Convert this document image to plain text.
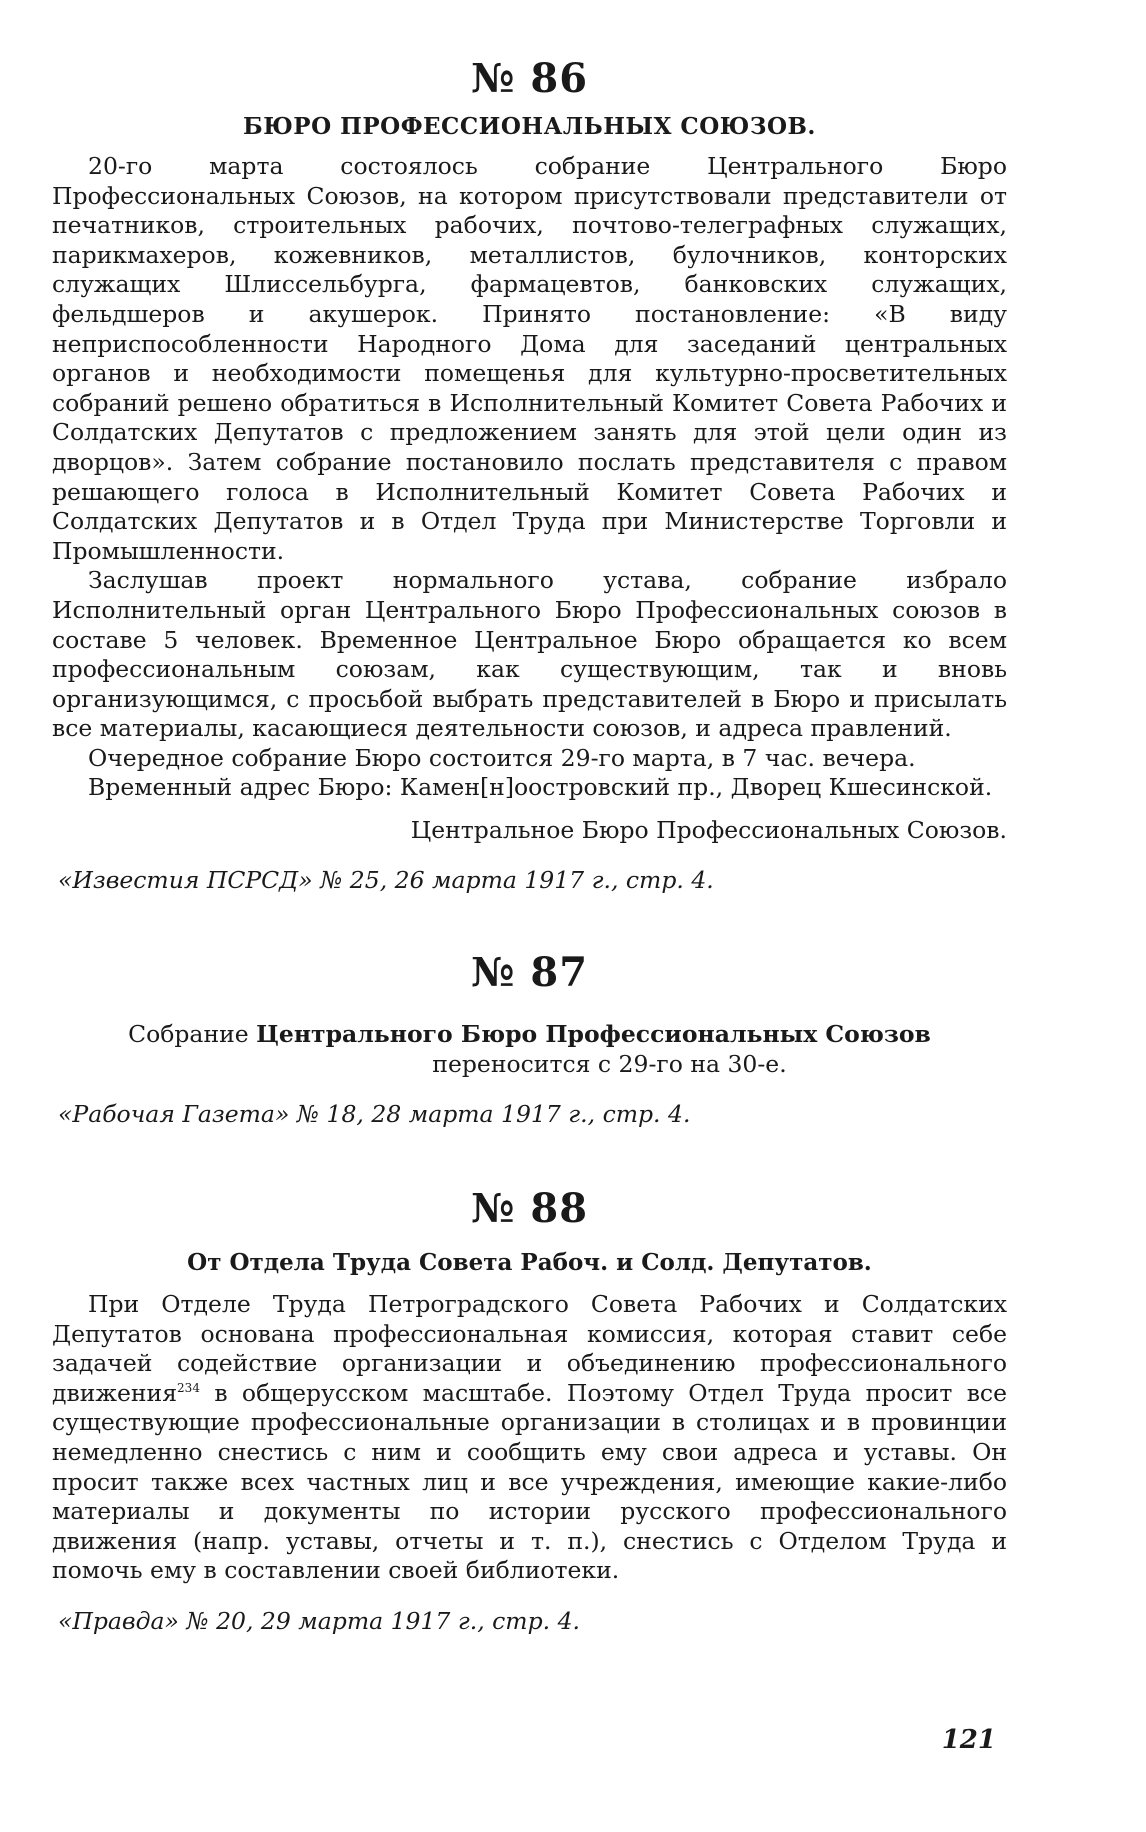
№ 86
БЮРО ПРОФЕССИОНАЛЬНЫХ СОЮЗОВ.

20-го марта состоялось собрание Центрального Бюро Профессиональных Союзов, на котором присутствовали представители от печатников, строительных рабочих, почтово-телеграфных служащих, парикмахеров, кожевников, металлистов, булочников, конторских служащих Шлиссельбурга, фармацевтов, банковских служащих, фельдшеров и акушерок. Принято постановление: «В виду неприспособленности Народного Дома для заседаний центральных органов и необходимости помещенья для культурно-просветительных собраний решено обратиться в Исполнительный Комитет Совета Рабочих и Солдатских Депутатов с предложением занять для этой цели один из дворцов». Затем собрание постановило послать представителя с правом решающего голоса в Исполнительный Комитет Совета Рабочих и Солдатских Депутатов и в Отдел Труда при Министерстве Торговли и Промышленности.

Заслушав проект нормального устава, собрание избрало Исполнительный орган Центрального Бюро Профессиональных союзов в составе 5 человек. Временное Центральное Бюро обращается ко всем профессиональным союзам, как существующим, так и вновь организующимся, с просьбой выбрать представителей в Бюро и присылать все материалы, касающиеся деятельности союзов, и адреса правлений.

Очередное собрание Бюро состоится 29-го марта, в 7 час. вечера.

Временный адрес Бюро: Камен[н]оостровский пр., Дворец Кшесинской.

Центральное Бюро Профессиональных Союзов.

«Известия ПСРСД» № 25, 26 марта 1917 г., стр. 4.

№ 87

Собрание Центрального Бюро Профессиональных Союзов

переносится с 29-го на 30-е.

«Рабочая Газета» № 18, 28 марта 1917 г., стр. 4.

№ 88
От Отдела Труда Совета Рабоч. и Солд. Депутатов.

При Отделе Труда Петроградского Совета Рабочих и Солдатских Депутатов основана профессиональная комиссия, которая ставит себе задачей содействие организации и объединению профессионального движения$^{234}$ в общерусском масштабе. Поэтому Отдел Труда просит все существующие профессиональные организации в столицах и в провинции немедленно снестись с ним и сообщить ему свои адреса и уставы. Он просит также всех частных лиц и все учреждения, имеющие какие-либо материалы и документы по истории русского профессионального движения (напр. уставы, отчеты и т. п.), снестись с Отделом Труда и помочь ему в составлении своей библиотеки.

«Правда» № 20, 29 марта 1917 г., стр. 4.

121
